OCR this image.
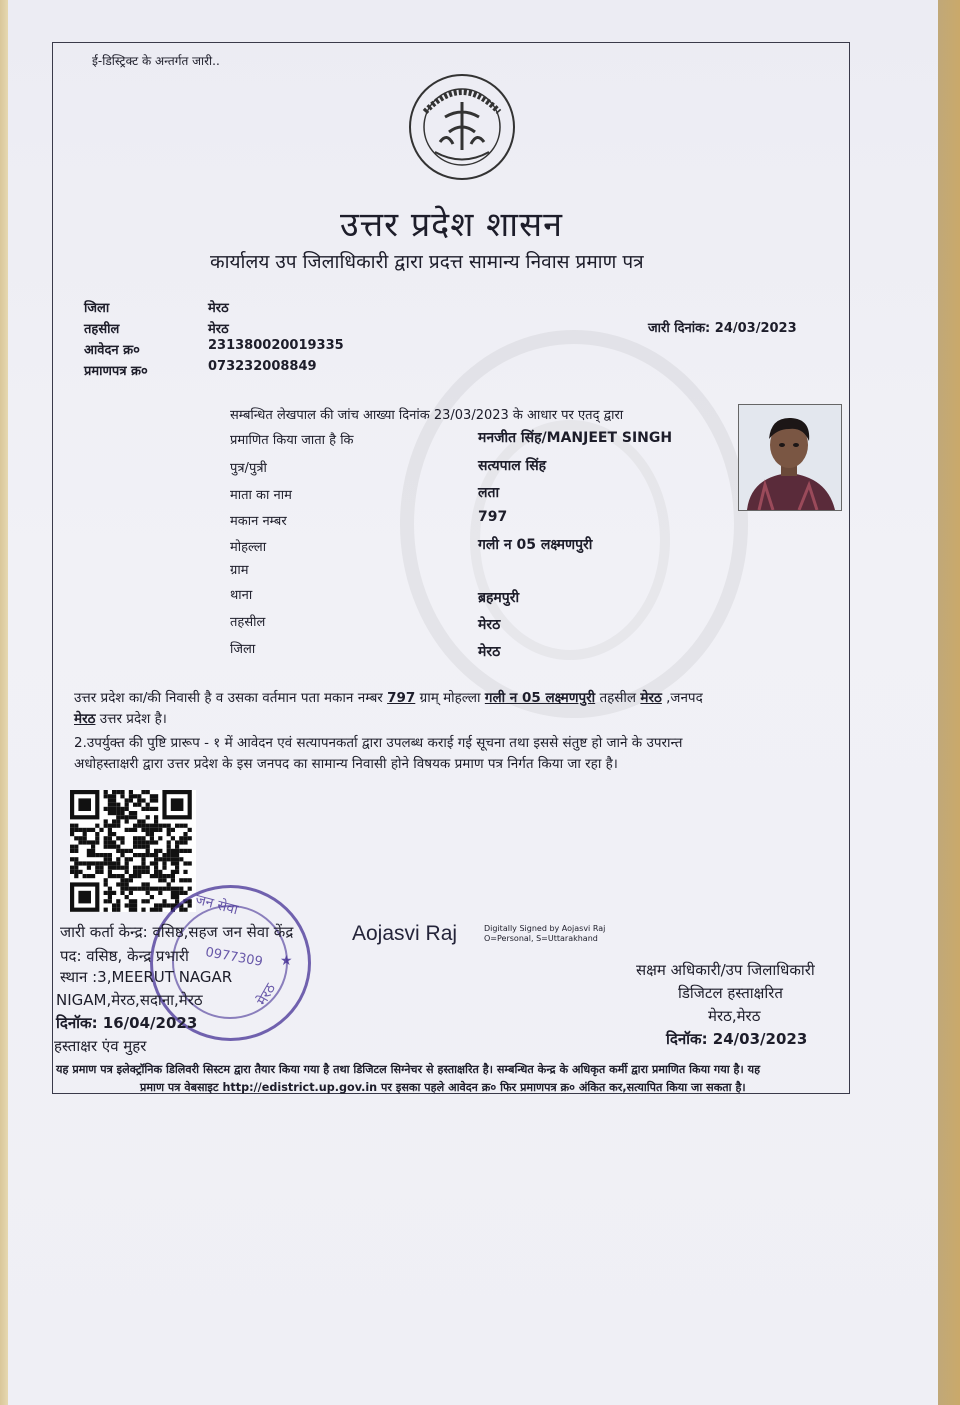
ई-डिस्ट्रिक्ट के अन्तर्गत जारी..
उत्तर प्रदेश शासन
कार्यालय उप जिलाधिकारी द्वारा प्रदत्त सामान्य निवास प्रमाण पत्र
जिला	मेरठ
तहसील	मेरठ
आवेदन क्र०	231380020019335
प्रमाणपत्र क्र०	073232008849
जारी दिनांक: 24/03/2023
सम्बन्धित लेखपाल की जांच आख्या दिनांक 23/03/2023 के आधार पर एतद् द्वारा
प्रमाणित किया जाता है कि	मनजीत सिंह/MANJEET SINGH
पुत्र/पुत्री	सत्यपाल सिंह
माता का नाम	लता
मकान नम्बर	797
मोहल्ला	गली न 05 लक्ष्मणपुरी
ग्राम
थाना	ब्रहमपुरी
तहसील	मेरठ
जिला	मेरठ
उत्तर प्रदेश का/की निवासी है व उसका वर्तमान पता मकान नम्बर 797 ग्राम् मोहल्ला गली न 05 लक्ष्मणपुरी तहसील मेरठ ,जनपद
मेरठ उत्तर प्रदेश है।
2.उपर्युक्त की पुष्टि प्रारूप - १ में आवेदन एवं सत्यापनकर्ता द्वारा उपलब्ध कराई गई सूचना तथा इससे संतुष्ट हो जाने के उपरान्त
अधोहस्ताक्षरी द्वारा उत्तर प्रदेश के इस जनपद का सामान्य निवासी होने विषयक प्रमाण पत्र निर्गत किया जा रहा है।
जन सेवा
0977309
मेरठ
★
जारी कर्ता केन्द्र: वसिष्ठ,सहज जन सेवा केंद्र
पद: वसिष्ठ, केन्द्र प्रभारी
स्थान :3,MEERUT NAGAR
NIGAM,मेरठ,सदाना,मेरठ
दिनॉक: 16/04/2023
हस्ताक्षर एंव मुहर
Aojasvi Raj	Digitally Signed by Aojasvi Raj
O=Personal, S=Uttarakhand
सक्षम अधिकारी/उप जिलाधिकारी
डिजिटल हस्ताक्षरित
मेरठ,मेरठ
दिनॉक: 24/03/2023
यह प्रमाण पत्र इलेक्ट्रॉनिक डिलिवरी सिस्टम द्वारा तैयार किया गया है तथा डिजिटल सिग्नेचर से हस्ताक्षरित है। सम्बन्धित केन्द्र के अधिकृत कर्मी द्वारा प्रमाणित किया गया है। यह
प्रमाण पत्र वेबसाइट http://edistrict.up.gov.in पर इसका पहले आवेदन क्र० फिर प्रमाणपत्र क्र० अंकित कर,सत्यापित किया जा सकता है।
